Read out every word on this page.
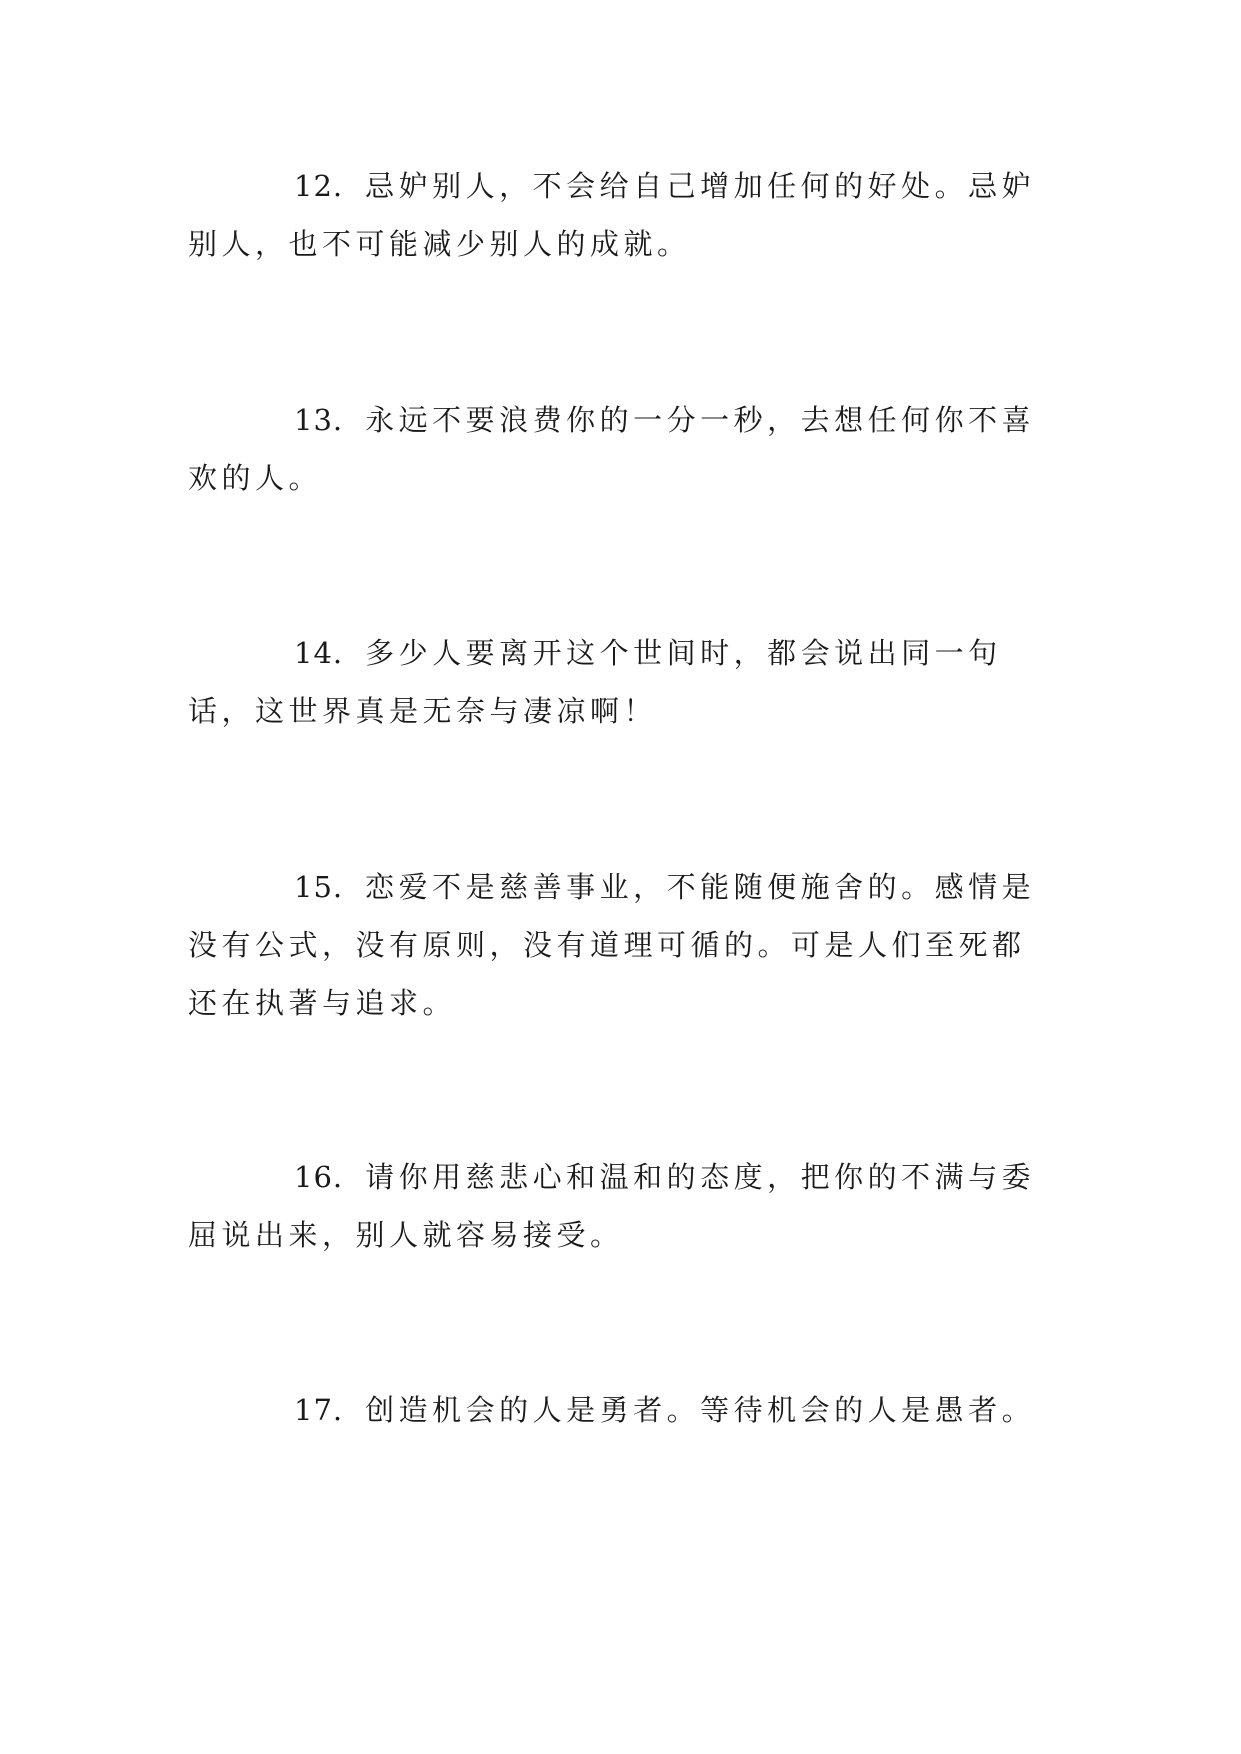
12. 忌妒别人，不会给自己增加任何的好处。忌妒别人，也不可能减少别人的成就。

13. 永远不要浪费你的一分一秒，去想任何你不喜欢的人。

14. 多少人要离开这个世间时，都会说出同一句话，这世界真是无奈与凄凉啊！

15. 恋爱不是慈善事业，不能随便施舍的。感情是没有公式，没有原则，没有道理可循的。可是人们至死都还在执著与追求。

16. 请你用慈悲心和温和的态度，把你的不满与委屈说出来，别人就容易接受。

17. 创造机会的人是勇者。等待机会的人是愚者。
